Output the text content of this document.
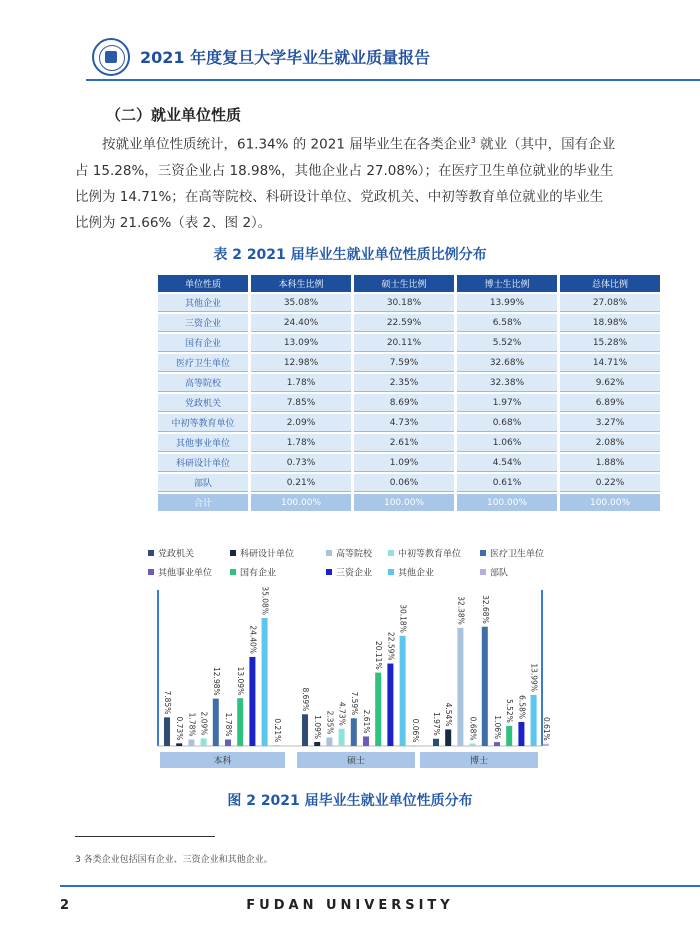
2021 年度复旦大学毕业生就业质量报告
（二）就业单位性质
按就业单位性质统计，61.34% 的 2021 届毕业生在各类企业$^3$ 就业（其中，国有企业
占 15.28%，三资企业占 18.98%，其他企业占 27.08%）；在医疗卫生单位就业的毕业生
比例为 14.71%；在高等院校、科研设计单位、党政机关、中初等教育单位就业的毕业生
比例为 21.66%（表 2、图 2）。
表 2 2021 届毕业生就业单位性质比例分布
单位性质	本科生比例	硕士生比例	博士生比例	总体比例
其他企业	35.08%	30.18%	13.99%	27.08%
三资企业	24.40%	22.59%	6.58%	18.98%
国有企业	13.09%	20.11%	5.52%	15.28%
医疗卫生单位	12.98%	7.59%	32.68%	14.71%
高等院校	1.78%	2.35%	32.38%	9.62%
党政机关	7.85%	8.69%	1.97%	6.89%
中初等教育单位	2.09%	4.73%	0.68%	3.27%
其他事业单位	1.78%	2.61%	1.06%	2.08%
科研设计单位	0.73%	1.09%	4.54%	1.88%
部队	0.21%	0.06%	0.61%	0.22%
合计	100.00%	100.00%	100.00%	100.00%
党政机关	科研设计单位	高等院校	中初等教育单位	医疗卫生单位
其他事业单位	国有企业	三资企业	其他企业	部队
7.85%
0.73% 1.78% 2.09%
12.98%
1.78%
13.09%
24.40%
35.08%
0.21%
8.69%
1.09% 2.35% 4.73% 7.59%
2.61%
20.11% 22.59%
30.18%
0.06% 1.97% 4.54%
32.38%
0.68%
32.68%
1.06%
5.52% 6.58%
13.99%
0.61%
本科	硕士	博士
图 2 2021 届毕业生就业单位性质分布
3 各类企业包括国有企业、三资企业和其他企业。
2	FUDAN UNIVERSITY
